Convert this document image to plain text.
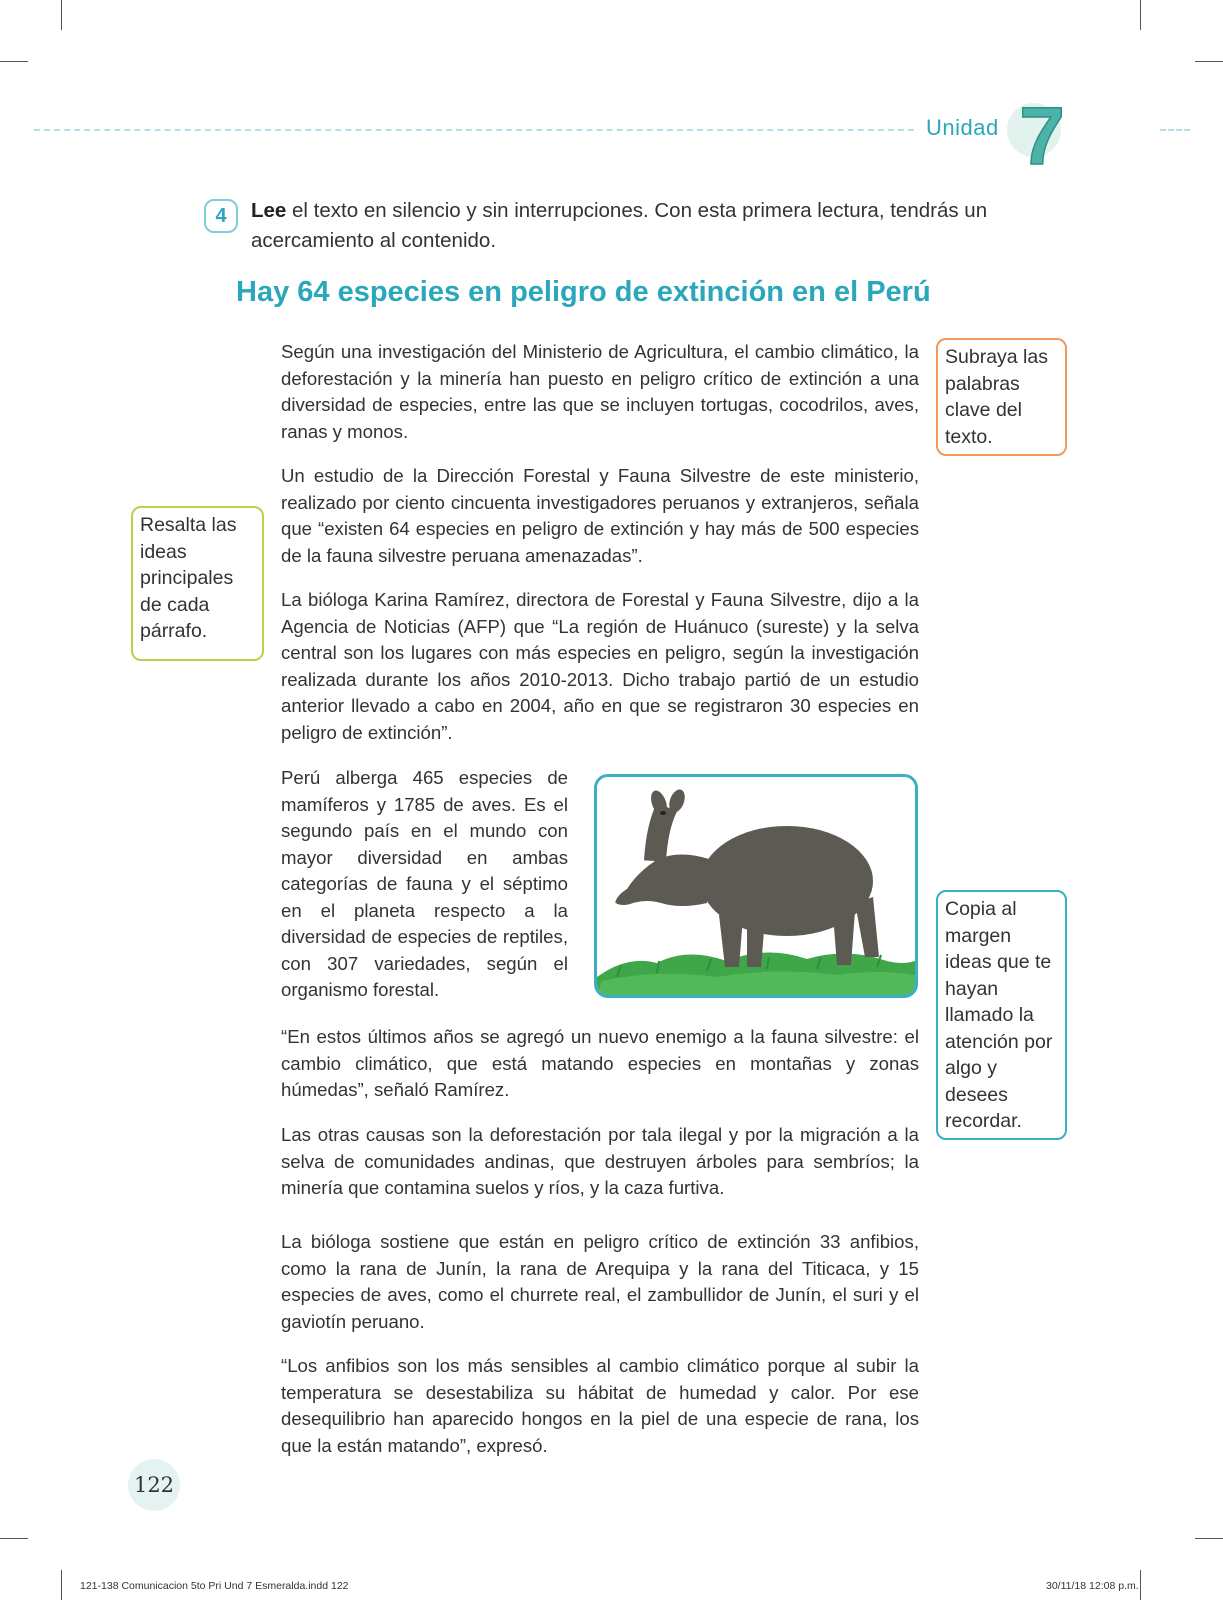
Unidad 7
4	Lee el texto en silencio y sin interrupciones. Con esta primera lectura, tendrás un acercamiento al contenido.
Hay 64 especies en peligro de extinción en el Perú

Según una investigación del Ministerio de Agricultura, el cambio climático, la deforestación y la minería han puesto en peligro crítico de extinción a una diversidad de especies, entre las que se incluyen tortugas, cocodrilos, aves, ranas y monos.

Un estudio de la Dirección Forestal y Fauna Silvestre de este ministerio, realizado por ciento cincuenta investigadores peruanos y extranjeros, señala que “existen 64 especies en peligro de extinción y hay más de 500 especies de la fauna silvestre peruana amenazadas”.

La bióloga Karina Ramírez, directora de Forestal y Fauna Silvestre, dijo a la Agencia de Noticias (AFP) que “La región de Huánuco (sureste) y la selva central son los lugares con más especies en peligro, según la investigación realizada durante los años 2010-2013. Dicho trabajo partió de un estudio anterior llevado a cabo en 2004, año en que se registraron 30 especies en peligro de extinción”.

Perú alberga 465 especies de mamíferos y 1785 de aves. Es el segundo país en el mundo con mayor diversidad en ambas categorías de fauna y el séptimo en el planeta respecto a la diversidad de especies de reptiles, con 307 variedades, según el organismo forestal.

“En estos últimos años se agregó un nuevo enemigo a la fauna silvestre: el cambio climático, que está matando especies en montañas y zonas húmedas”, señaló Ramírez.

Las otras causas son la deforestación por tala ilegal y por la migración a la selva de comunidades andinas, que destruyen árboles para sembríos; la minería que contamina suelos y ríos, y la caza furtiva.

La bióloga sostiene que están en peligro crítico de extinción 33 anfibios, como la rana de Junín, la rana de Arequipa y la rana del Titicaca, y 15 especies de aves, como el churrete real, el zambullidor de Junín, el suri y el gaviotín peruano.

“Los anfibios son los más sensibles al cambio climático porque al subir la temperatura se desestabiliza su hábitat de humedad y calor. Por ese desequilibrio han aparecido hongos en la piel de una especie de rana, los que la están matando”, expresó.

Subraya las palabras clave del texto.
Resalta las ideas principales de cada párrafo.
Copia al margen ideas que te hayan llamado la atención por algo y desees recordar.
122
121-138 Comunicacion 5to Pri Und 7 Esmeralda.indd 122	30/11/18 12:08 p.m.
